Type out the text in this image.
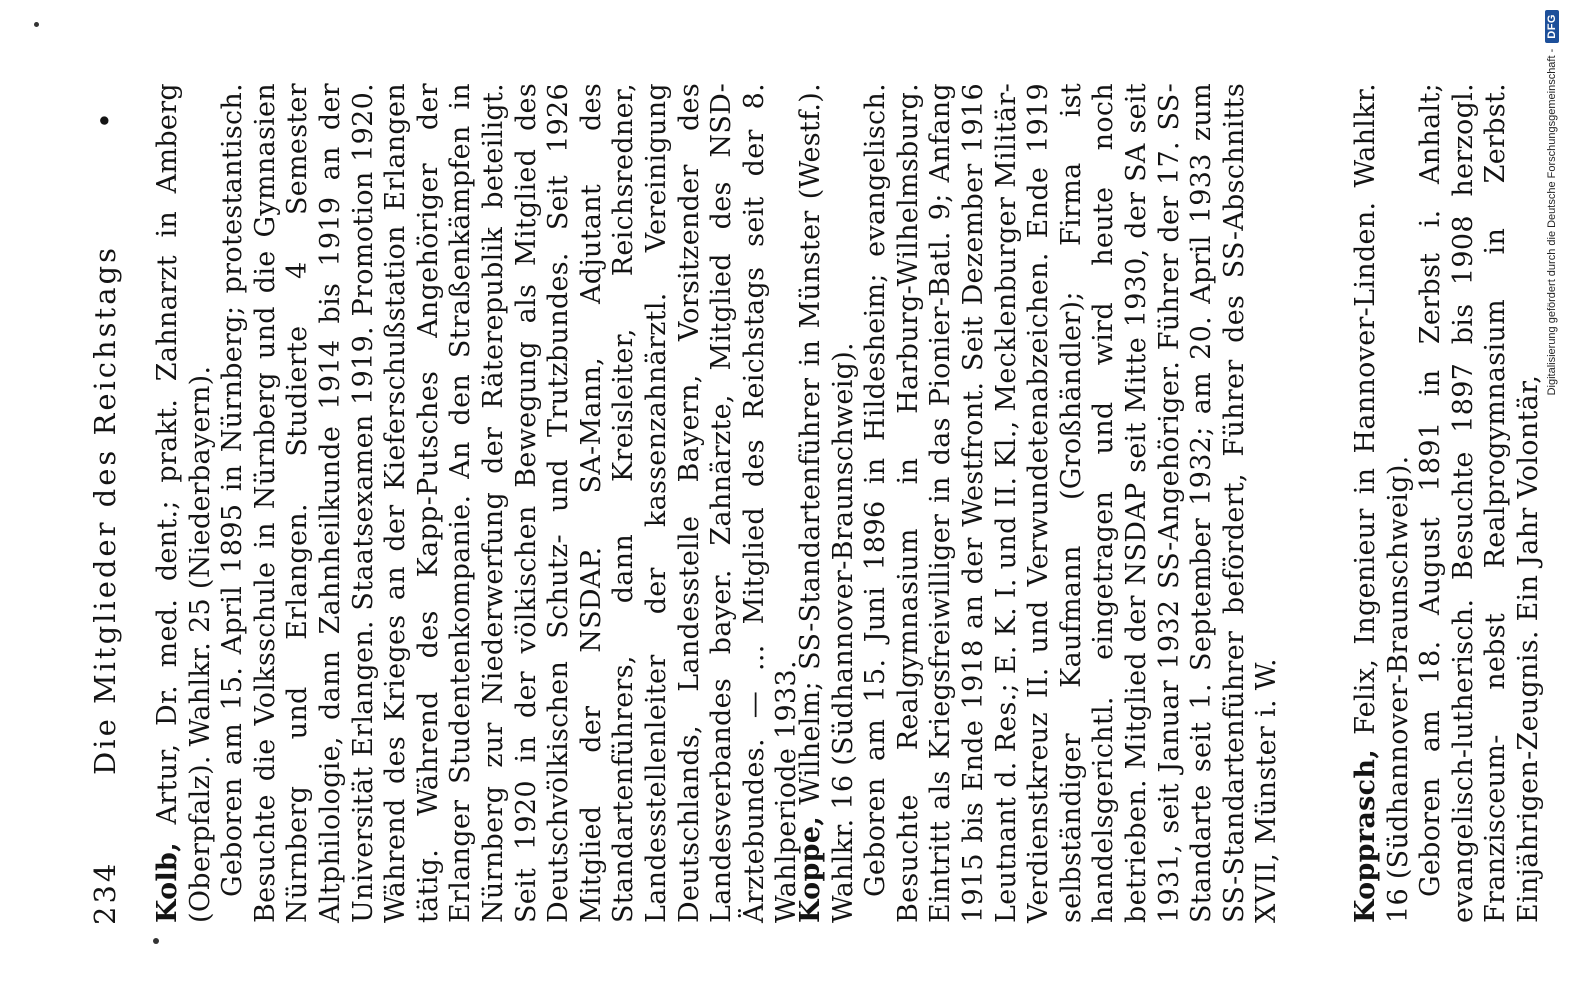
234
Die Mitglieder des Reichstags
•

Kolb, Artur, Dr. med. dent.; prakt. Zahnarzt in Amberg (Oberpfalz). Wahlkr. 25 (Niederbayern). Geboren am 15. April 1895 in Nürnberg; protestantisch. Besuchte die Volksschule in Nürnberg und die Gymnasien Nürnberg und Erlangen. Studierte 4 Semester Altphilologie, dann Zahnheilkunde 1914 bis 1919 an der Universität Erlangen. Staatsexamen 1919. Promotion 1920. Während des Krieges an der Kieferschußstation Erlangen tätig. Während des Kapp-Putsches Angehöriger der Erlanger Studentenkompanie. An den Straßenkämpfen in Nürnberg zur Niederwerfung der Räterepublik beteiligt. Seit 1920 in der völkischen Bewegung als Mitglied des Deutschvölkischen Schutz- und Trutzbundes. Seit 1926 Mitglied der NSDAP. SA-Mann, Adjutant des Standartenführers, dann Kreisleiter, Reichsredner, Landesstellenleiter der kassenzahnärztl. Vereinigung Deutschlands, Landesstelle Bayern, Vorsitzender des Landesverbandes bayer. Zahnärzte, Mitglied des NSD-Ärztebundes. — ... Mitglied des Reichstags seit der 8. Wahlperiode 1933.

Koppe, Wilhelm; SS-Standartenführer in Münster (Westf.). Wahlkr. 16 (Südhannover-Braunschweig). Geboren am 15. Juni 1896 in Hildesheim; evangelisch. Besuchte Realgymnasium in Harburg-Wilhelmsburg. Eintritt als Kriegsfreiwilliger in das Pionier-Batl. 9; Anfang 1915 bis Ende 1918 an der Westfront. Seit Dezember 1916 Leutnant d. Res.; E. K. I. und II. Kl., Mecklenburger Militär-Verdienstkreuz II. und Verwundetenabzeichen. Ende 1919 selbständiger Kaufmann (Großhändler); Firma ist handelsgerichtl. eingetragen und wird heute noch betrieben. Mitglied der NSDAP seit Mitte 1930, der SA seit 1931, seit Januar 1932 SS-Angehöriger. Führer der 17. SS-Standarte seit 1. September 1932; am 20. April 1933 zum SS-Standartenführer befördert, Führer des SS-Abschnitts XVII, Münster i. W.	Kopprasch, Felix, Ingenieur in Hannover-Linden. Wahlkr. 16 (Südhannover-Braunschweig). Geboren am 18. August 1891 in Zerbst i. Anhalt; evangelisch-lutherisch. Besuchte 1897 bis 1908 herzogl. Franziscеum- nebst Realprogymnasium in Zerbst. Einjährigen-Zeugnis. Ein Jahr Volontär,

Digitalisierung gefördert durch die Deutsche Forschungsgemeinschaft -
DFG
